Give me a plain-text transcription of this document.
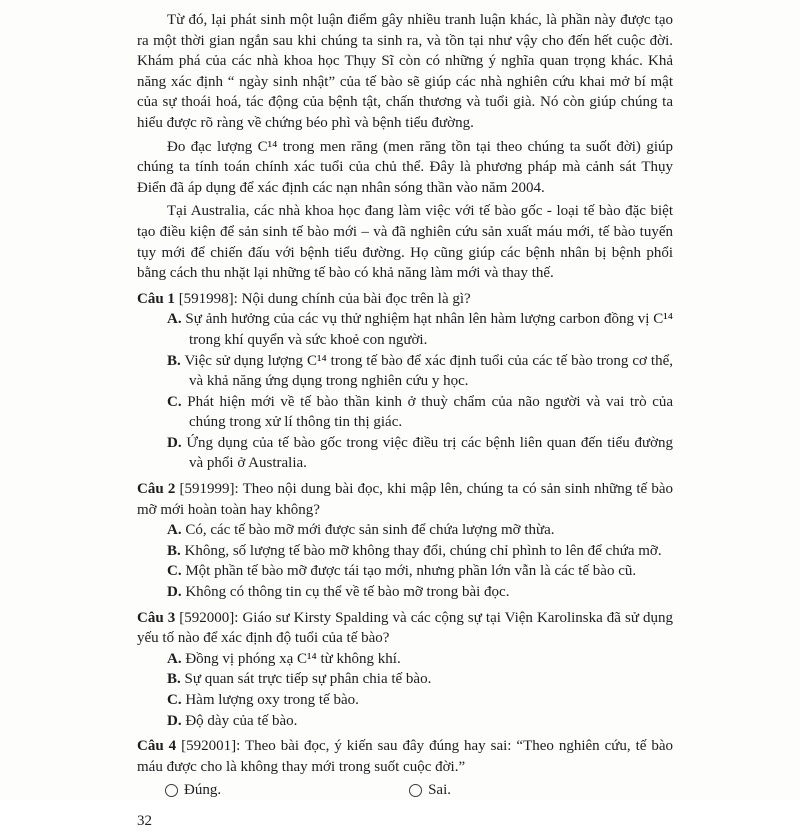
Từ đó, lại phát sinh một luận điểm gây nhiều tranh luận khác, là phần này được tạo ra một thời gian ngắn sau khi chúng ta sinh ra, và tồn tại như vậy cho đến hết cuộc đời. Khám phá của các nhà khoa học Thụy Sĩ còn có những ý nghĩa quan trọng khác. Khả năng xác định “ ngày sinh nhật” của tế bào sẽ giúp các nhà nghiên cứu khai mở bí mật của sự thoái hoá, tác động của bệnh tật, chấn thương và tuổi già. Nó còn giúp chúng ta hiểu được rõ ràng về chứng béo phì và bệnh tiểu đường.

Đo đạc lượng C¹⁴ trong men răng (men răng tồn tại theo chúng ta suốt đời) giúp chúng ta tính toán chính xác tuổi của chủ thể. Đây là phương pháp mà cảnh sát Thụy Điển đã áp dụng để xác định các nạn nhân sóng thần vào năm 2004.

Tại Australia, các nhà khoa học đang làm việc với tế bào gốc - loại tế bào đặc biệt tạo điều kiện để sản sinh tế bào mới – và đã nghiên cứu sản xuất máu mới, tế bào tuyến tụy mới để chiến đấu với bệnh tiểu đường. Họ cũng giúp các bệnh nhân bị bệnh phổi bằng cách thu nhặt lại những tế bào có khả năng làm mới và thay thế.

Câu 1 [591998]: Nội dung chính của bài đọc trên là gì?

A. Sự ảnh hưởng của các vụ thử nghiệm hạt nhân lên hàm lượng carbon đồng vị C¹⁴ trong khí quyển và sức khoẻ con người.

B. Việc sử dụng lượng C¹⁴ trong tế bào để xác định tuổi của các tế bào trong cơ thể, và khả năng ứng dụng trong nghiên cứu y học.

C. Phát hiện mới về tế bào thần kinh ở thuỳ chẩm của não người và vai trò của chúng trong xử lí thông tin thị giác.

D. Ứng dụng của tế bào gốc trong việc điều trị các bệnh liên quan đến tiểu đường và phổi ở Australia.

Câu 2 [591999]: Theo nội dung bài đọc, khi mập lên, chúng ta có sản sinh những tế bào mỡ mới hoàn toàn hay không?

A. Có, các tế bào mỡ mới được sản sinh để chứa lượng mỡ thừa.

B. Không, số lượng tế bào mỡ không thay đổi, chúng chỉ phình to lên để chứa mỡ.

C. Một phần tế bào mỡ được tái tạo mới, nhưng phần lớn vẫn là các tế bào cũ.

D. Không có thông tin cụ thể về tế bào mỡ trong bài đọc.

Câu 3 [592000]: Giáo sư Kirsty Spalding và các cộng sự tại Viện Karolinska đã sử dụng yếu tố nào để xác định độ tuổi của tế bào?

A. Đồng vị phóng xạ C¹⁴ từ không khí.

B. Sự quan sát trực tiếp sự phân chia tế bào.

C. Hàm lượng oxy trong tế bào.

D. Độ dày của tế bào.

Câu 4 [592001]: Theo bài đọc, ý kiến sau đây đúng hay sai: “Theo nghiên cứu, tế bào máu được cho là không thay mới trong suốt cuộc đời.”

Đúng.	Sai.
32
